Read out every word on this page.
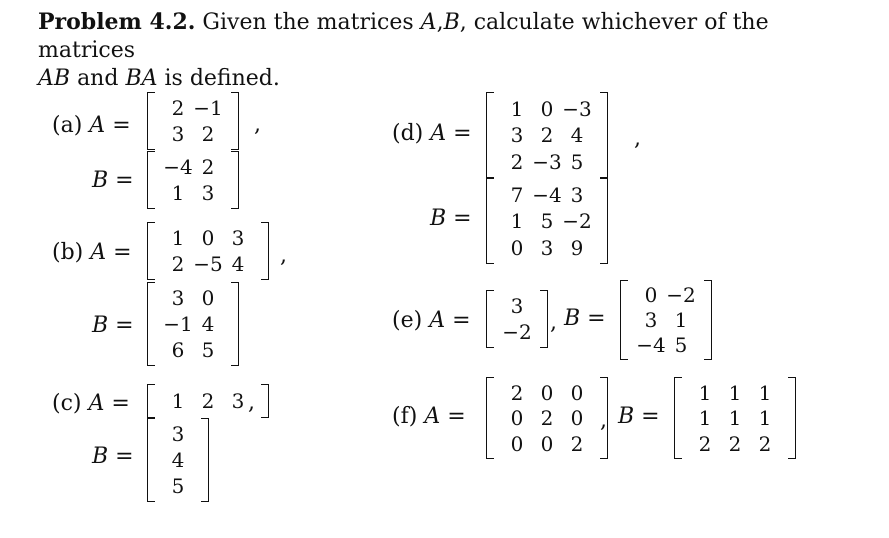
Problem 4.2. Given the matrices A,B, calculate whichever of the matrices
AB and BA is defined.
(a) A =
2 −1
3 2	,
B =
−4 2
1 3
(b) A =
1 0 3
2 −5 4	,
B =
3 0
−1 4
6 5
(c) A =	1 2 3 ,
B =
3
4
5
(d) A =
1 0 −3
3 2 4
2 −3 5
,
B =
7 −4 3
1 5 −2
0 3 9
(e) A =
3
−2 , B =
0 −2
3 1
−4 5
(f) A =
2 0 0
0 2 0
0 0 2
, B =
1 1 1
1 1 1
2 2 2
